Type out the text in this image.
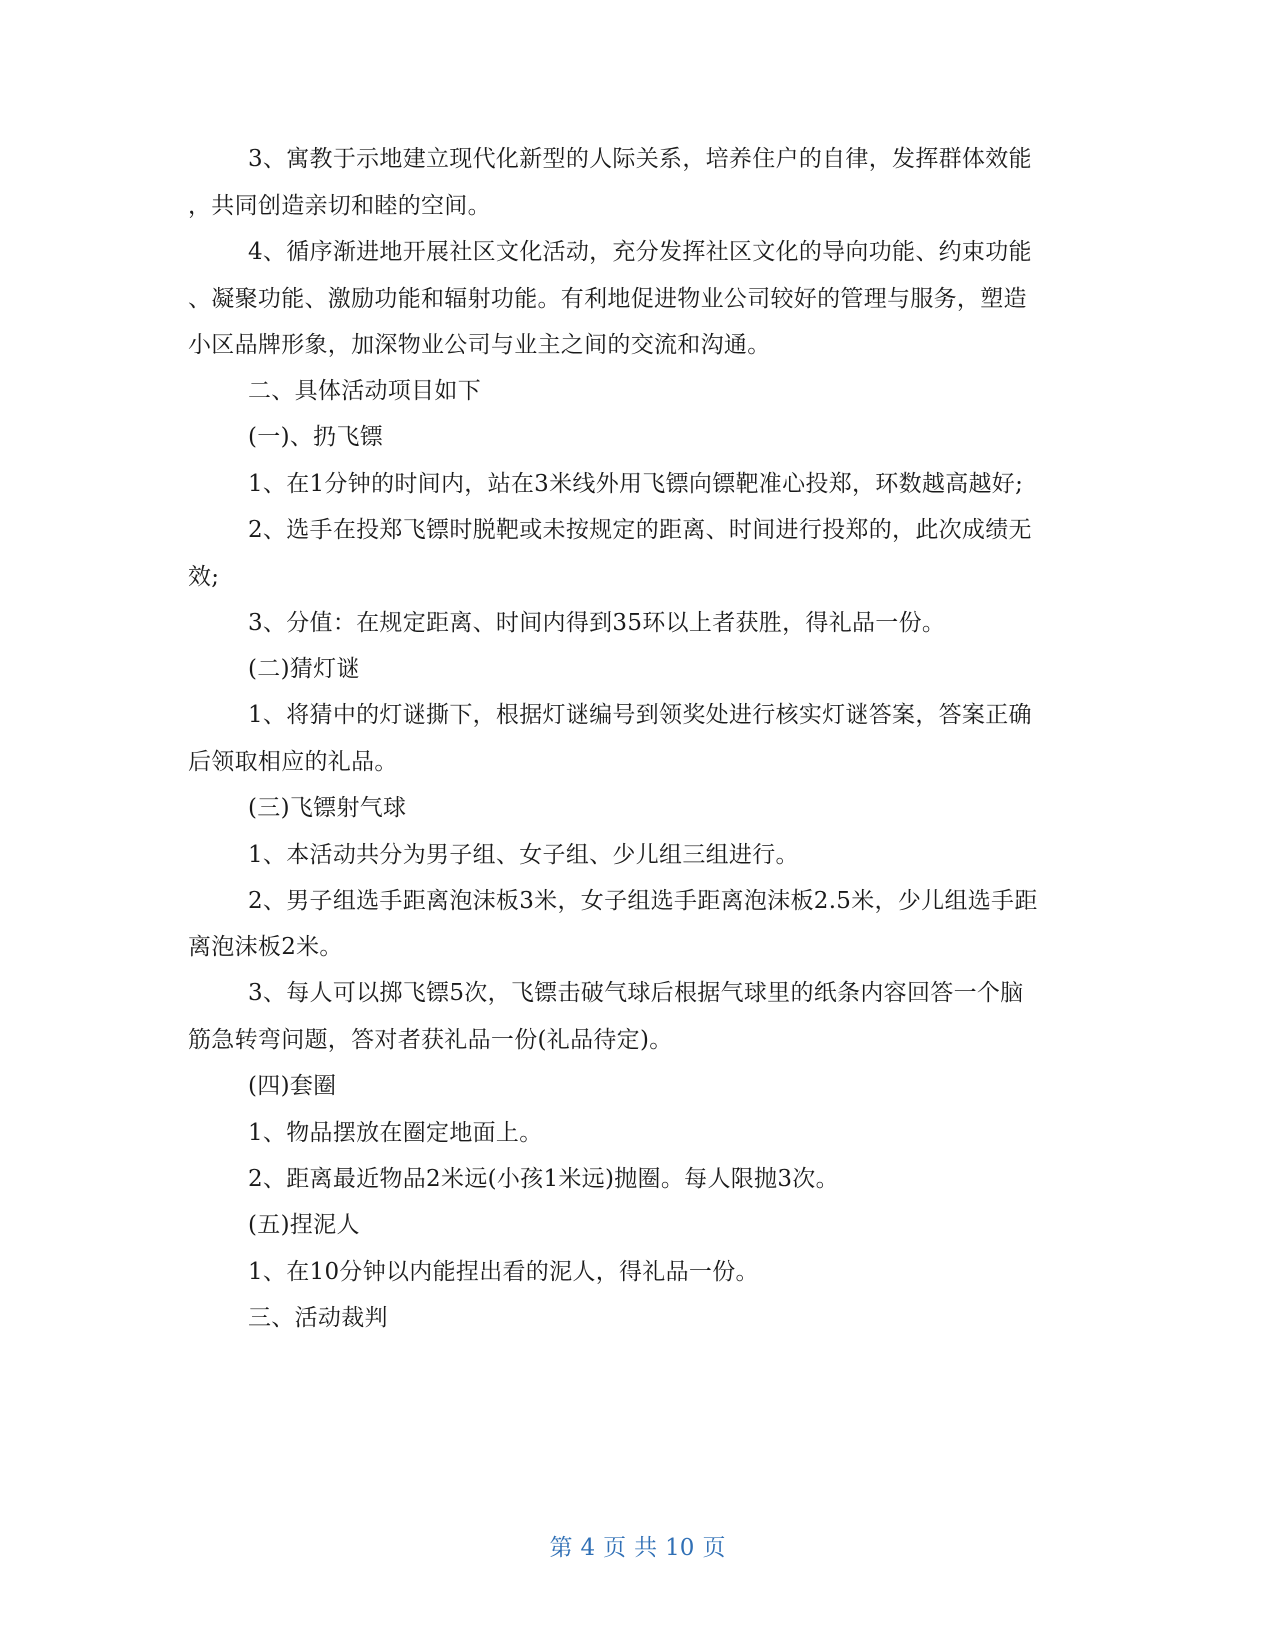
3、寓教于示地建立现代化新型的人际关系，培养住户的自律，发挥群体效能
，共同创造亲切和睦的空间。
4、循序渐进地开展社区文化活动，充分发挥社区文化的导向功能、约束功能
、凝聚功能、激励功能和辐射功能。有利地促进物业公司较好的管理与服务，塑造
小区品牌形象，加深物业公司与业主之间的交流和沟通。
二、具体活动项目如下
(一)、扔飞镖
1、在1分钟的时间内，站在3米线外用飞镖向镖靶准心投郑，环数越高越好;
2、选手在投郑飞镖时脱靶或未按规定的距离、时间进行投郑的，此次成绩无
效;
3、分值：在规定距离、时间内得到35环以上者获胜，得礼品一份。
(二)猜灯谜
1、将猜中的灯谜撕下，根据灯谜编号到领奖处进行核实灯谜答案，答案正确
后领取相应的礼品。
(三)飞镖射气球
1、本活动共分为男子组、女子组、少儿组三组进行。
2、男子组选手距离泡沫板3米，女子组选手距离泡沫板2.5米，少儿组选手距
离泡沫板2米。
3、每人可以掷飞镖5次，飞镖击破气球后根据气球里的纸条内容回答一个脑
筋急转弯问题，答对者获礼品一份(礼品待定)。
(四)套圈
1、物品摆放在圈定地面上。
2、距离最近物品2米远(小孩1米远)抛圈。每人限抛3次。
(五)捏泥人
1、在10分钟以内能捏出看的泥人，得礼品一份。
三、活动裁判
第 4 页 共 10 页
